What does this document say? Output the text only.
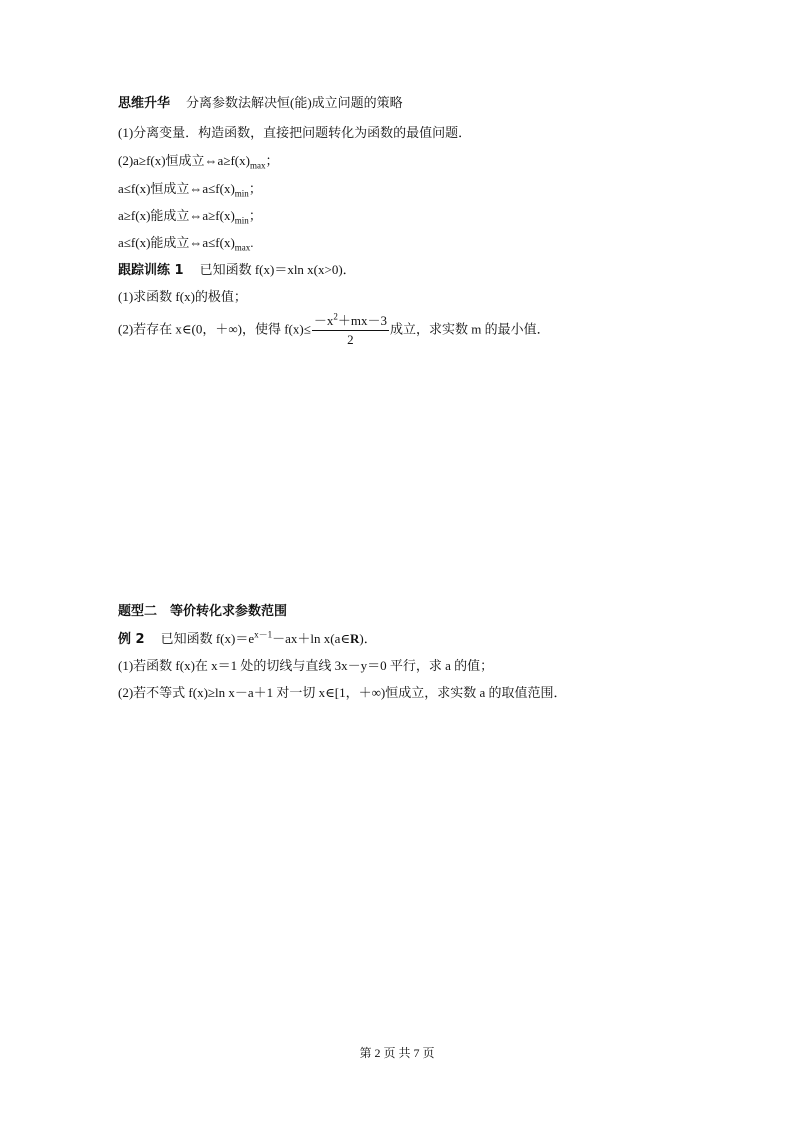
思维升华 分离参数法解决恒(能)成立问题的策略
(1)分离变量．构造函数，直接把问题转化为函数的最值问题．
(2)a≥f(x)恒成立$\Leftrightarrow a\ge f(x)_{max}$；
a≤f(x)恒成立$\Leftrightarrow a\le f(x)_{min}$；
a≥f(x)能成立$\Leftrightarrow a\ge f(x)_{min}$；
a≤f(x)能成立$\Leftrightarrow a\le f(x)_{max}$.
跟踪训练 1 已知函数 f(x)＝xln x(x>0)．
(1)求函数 f(x)的极值；
(2)若存在 x∈(0，＋∞)，使得 $f(x)\le \frac{-x^2+mx-3}{2}$ 成立，求实数 m 的最小值．
题型二　等价转化求参数范围
例 2 已知函数 $f(x)=e^{x-1}-ax+\ln$ x(a∈R)．
(1)若函数 f(x)在 x＝1 处的切线与直线 3x－y＝0 平行，求 a 的值；
(2)若不等式 f(x)≥ln x－a＋1 对一切 x∈[1，＋∞)恒成立，求实数 a 的取值范围．
第 2 页 共 7 页
